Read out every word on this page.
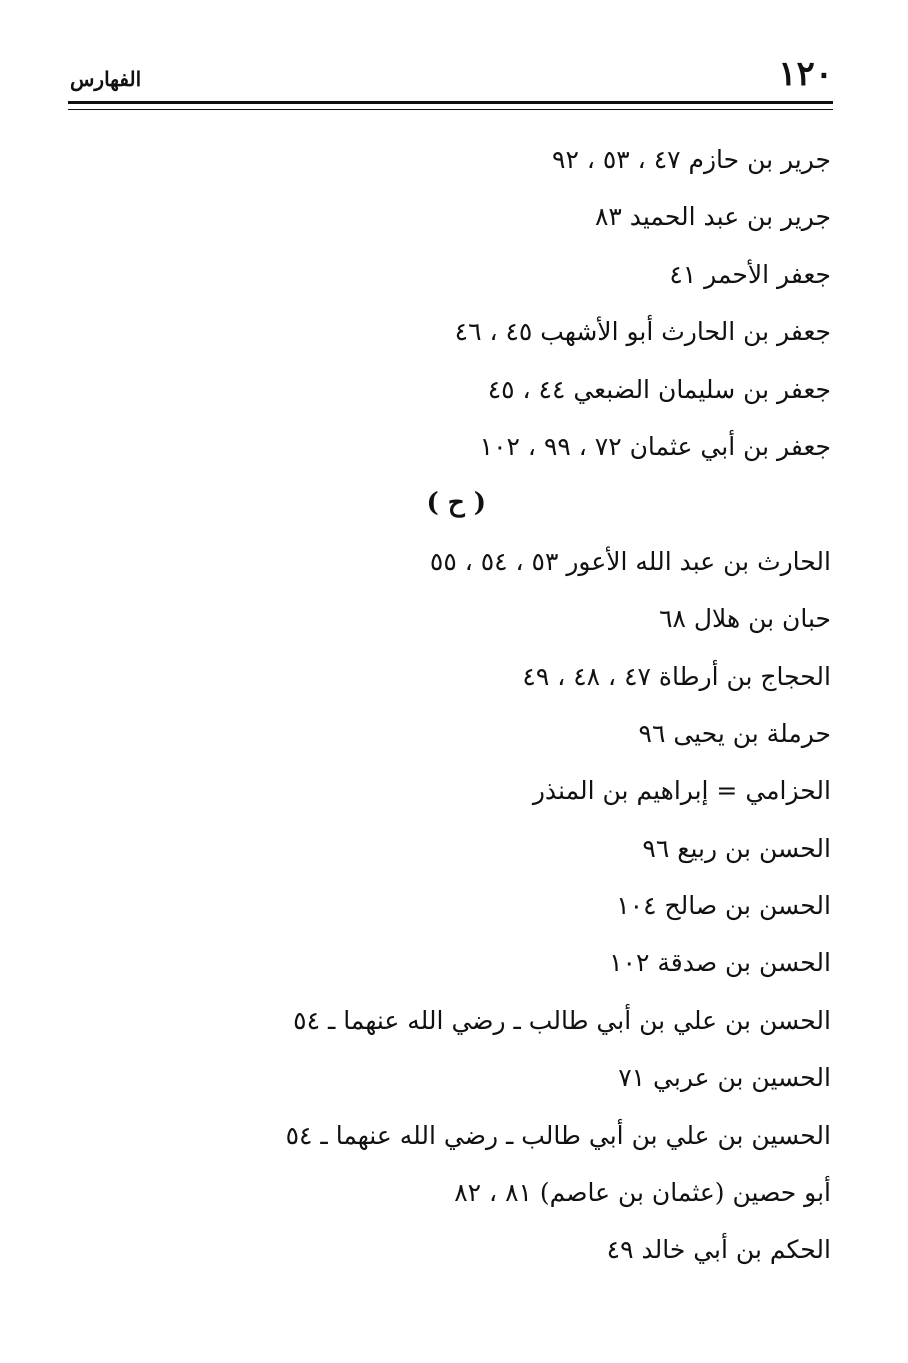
١٢٠
الفهارس
جرير بن حازم ٤٧ ، ٥٣ ، ٩٢
جرير بن عبد الحميد ٨٣
جعفر الأحمر ٤١
جعفر بن الحارث أبو الأشهب ٤٥ ، ٤٦
جعفر بن سليمان الضبعي ٤٤ ، ٤٥
جعفر بن أبي عثمان ٧٢ ، ٩٩ ، ١٠٢
( ح )
الحارث بن عبد الله الأعور ٥٣ ، ٥٤ ، ٥٥
حبان بن هلال ٦٨
الحجاج بن أرطاة ٤٧ ، ٤٨ ، ٤٩
حرملة بن يحيى ٩٦
الحزامي = إبراهيم بن المنذر
الحسن بن ربيع ٩٦
الحسن بن صالح ١٠٤
الحسن بن صدقة ١٠٢
الحسن بن علي بن أبي طالب ـ رضي الله عنهما ـ ٥٤
الحسين بن عربي ٧١
الحسين بن علي بن أبي طالب ـ رضي الله عنهما ـ ٥٤
أبو حصين (عثمان بن عاصم) ٨١ ، ٨٢
الحكم بن أبي خالد ٤٩
